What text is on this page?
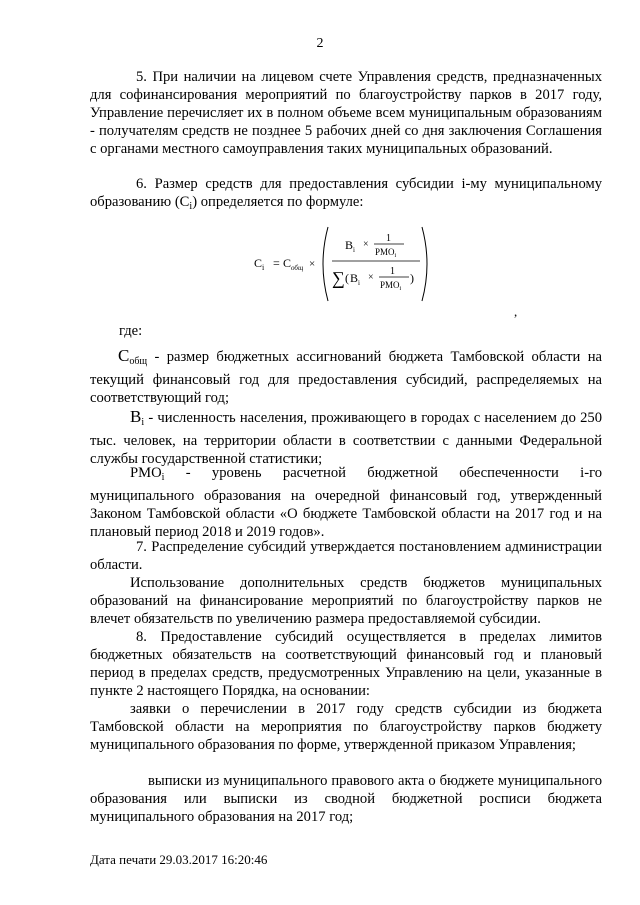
2

5. При наличии на лицевом счете Управления средств, предназначенных для софинансирования мероприятий по благоустройству парков в 2017 году, Управление перечисляет их в полном объеме всем муниципальным образованиям - получателям средств не позднее 5 рабочих дней со дня заключения Соглашения с органами местного самоуправления таких муниципальных образований.

6. Размер средств для предоставления субсидии i-му муниципальному образованию $(C_i)$ определяется по формуле:

$C_i = C_{общ}$ ×
$B_i$ ×
1
$PMO_i$
∑ ( $B_i$ ×
1
$PMO_i$
)
,
где:

$C_{общ}$ - размер бюджетных ассигнований бюджета Тамбовской области на текущий финансовый год для предоставления субсидий, распределяемых на соответствующий год;

$B_i$ - численность населения, проживающего в городах с населением до 250 тыс. человек, на территории области в соответствии с данными Федеральной службы государственной статистики;

$PMO_i$ - уровень расчетной бюджетной обеспеченности i-го муниципального образования на очередной финансовый год, утвержденный Законом Тамбовской области «О бюджете Тамбовской области на 2017 год и на плановый период 2018 и 2019 годов».

7. Распределение субсидий утверждается постановлением администрации области.

Использование дополнительных средств бюджетов муниципальных образований на финансирование мероприятий по благоустройству парков не влечет обязательств по увеличению размера предоставляемой субсидии.

8. Предоставление субсидий осуществляется в пределах лимитов бюджетных обязательств на соответствующий финансовый год и плановый период в пределах средств, предусмотренных Управлению на цели, указанные в пункте 2 настоящего Порядка, на основании:

заявки о перечислении в 2017 году средств субсидии из бюджета Тамбовской области на мероприятия по благоустройству парков бюджету муниципального образования по форме, утвержденной приказом Управления;

выписки из муниципального правового акта о бюджете муниципального образования или выписки из сводной бюджетной росписи бюджета муниципального образования на 2017 год;

Дата печати 29.03.2017 16:20:46
